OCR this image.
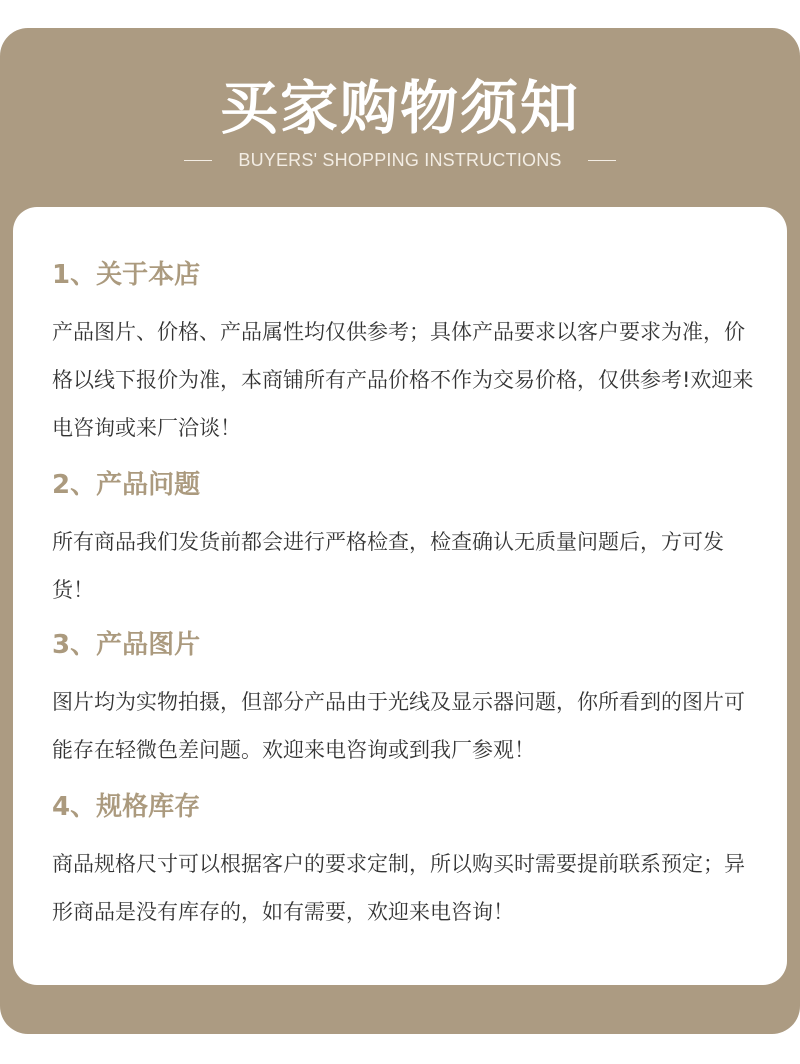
买家购物须知
BUYERS' SHOPPING INSTRUCTIONS
1、关于本店
产品图片、价格、产品属性均仅供参考；具体产品要求以客户要求为准，价格以线下报价为准，本商铺所有产品价格不作为交易价格，仅供参考!欢迎来电咨询或来厂洽谈！
2、产品问题
所有商品我们发货前都会进行严格检查，检查确认无质量问题后，方可发货！
3、产品图片
图片均为实物拍摄，但部分产品由于光线及显示器问题，你所看到的图片可能存在轻微色差问题。欢迎来电咨询或到我厂参观！
4、规格库存
商品规格尺寸可以根据客户的要求定制，所以购买时需要提前联系预定；异形商品是没有库存的，如有需要，欢迎来电咨询！
